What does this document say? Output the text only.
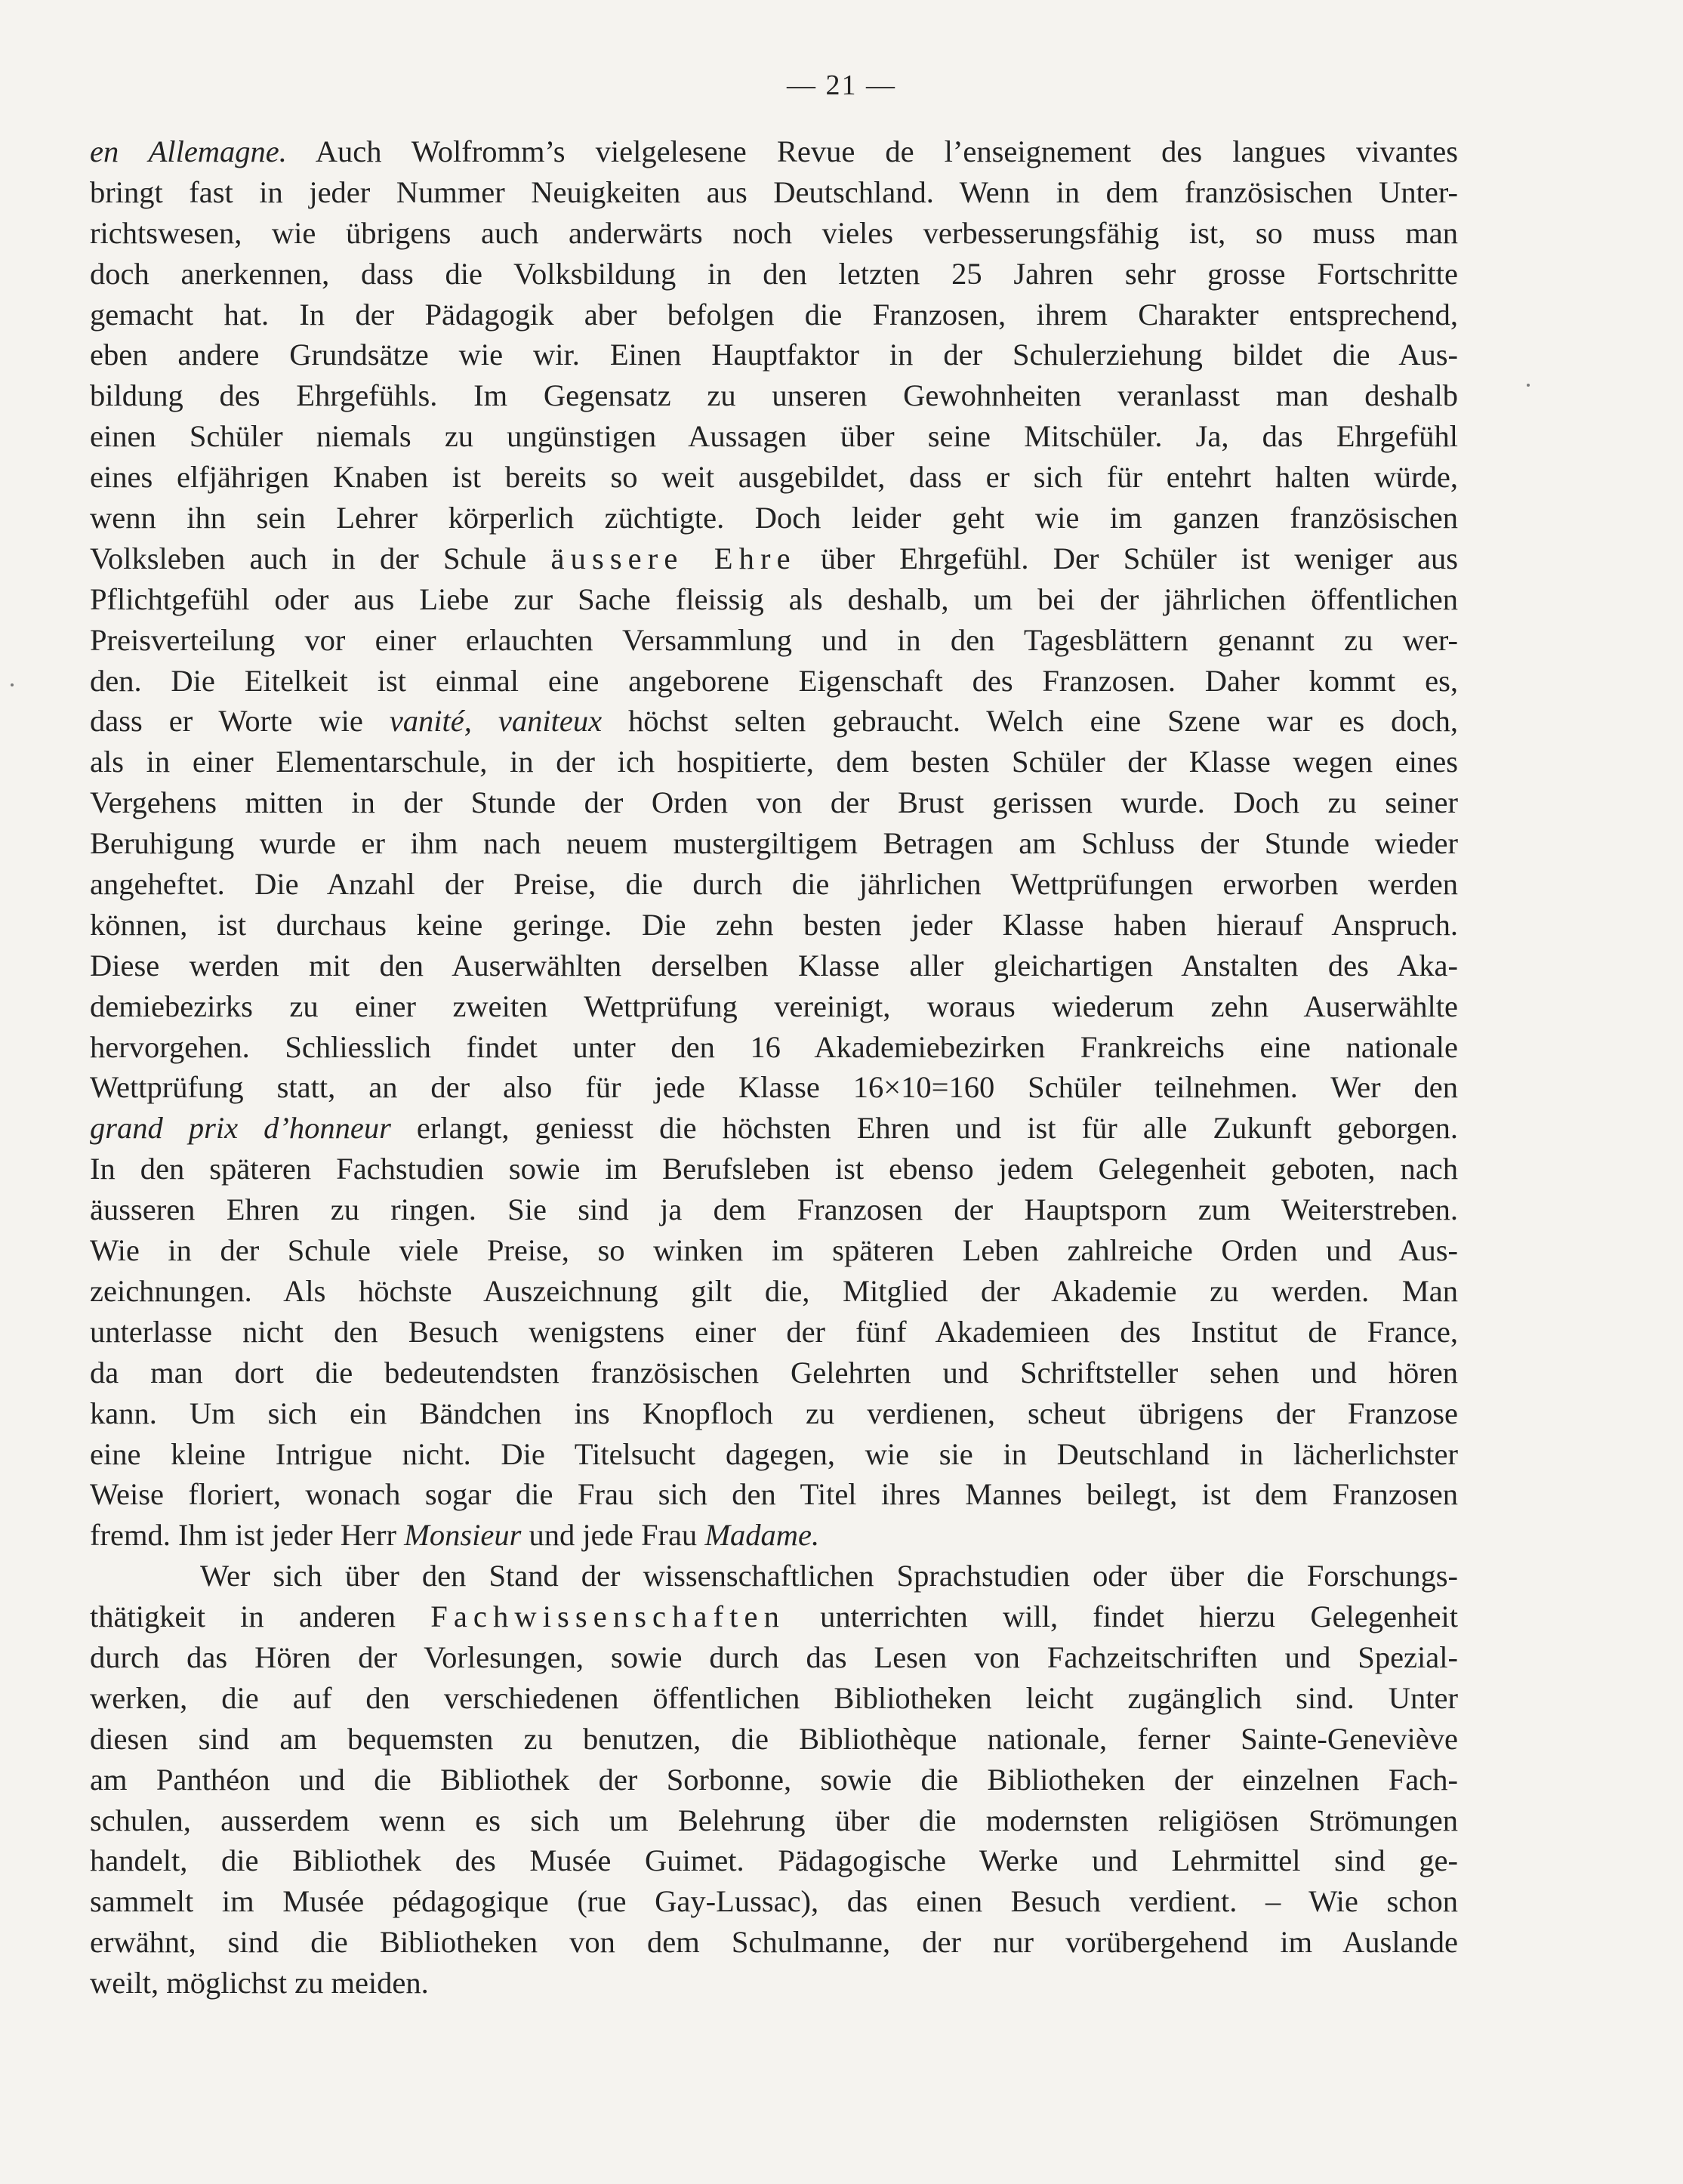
— 21 —
en Allemagne. Auch Wolfromm’s vielgelesene Revue de l’enseignement des langues vivantes
bringt fast in jeder Nummer Neuigkeiten aus Deutschland. Wenn in dem französischen Unter-
richtswesen, wie übrigens auch anderwärts noch vieles verbesserungsfähig ist, so muss man
doch anerkennen, dass die Volksbildung in den letzten 25 Jahren sehr grosse Fortschritte
gemacht hat. In der Pädagogik aber befolgen die Franzosen, ihrem Charakter entsprechend,
eben andere Grundsätze wie wir. Einen Hauptfaktor in der Schulerziehung bildet die Aus-
bildung des Ehrgefühls. Im Gegensatz zu unseren Gewohnheiten veranlasst man deshalb
einen Schüler niemals zu ungünstigen Aussagen über seine Mitschüler. Ja, das Ehrgefühl
eines elfjährigen Knaben ist bereits so weit ausgebildet, dass er sich für entehrt halten würde,
wenn ihn sein Lehrer körperlich züchtigte. Doch leider geht wie im ganzen französischen
Volksleben auch in der Schule äussere Ehre über Ehrgefühl. Der Schüler ist weniger aus
Pflichtgefühl oder aus Liebe zur Sache fleissig als deshalb, um bei der jährlichen öffentlichen
Preisverteilung vor einer erlauchten Versammlung und in den Tagesblättern genannt zu wer-
den. Die Eitelkeit ist einmal eine angeborene Eigenschaft des Franzosen. Daher kommt es,
dass er Worte wie vanité, vaniteux höchst selten gebraucht. Welch eine Szene war es doch,
als in einer Elementarschule, in der ich hospitierte, dem besten Schüler der Klasse wegen eines
Vergehens mitten in der Stunde der Orden von der Brust gerissen wurde. Doch zu seiner
Beruhigung wurde er ihm nach neuem mustergiltigem Betragen am Schluss der Stunde wieder
angeheftet. Die Anzahl der Preise, die durch die jährlichen Wettprüfungen erworben werden
können, ist durchaus keine geringe. Die zehn besten jeder Klasse haben hierauf Anspruch.
Diese werden mit den Auserwählten derselben Klasse aller gleichartigen Anstalten des Aka-
demiebezirks zu einer zweiten Wettprüfung vereinigt, woraus wiederum zehn Auserwählte
hervorgehen. Schliesslich findet unter den 16 Akademiebezirken Frankreichs eine nationale
Wettprüfung statt, an der also für jede Klasse 16×10=160 Schüler teilnehmen. Wer den
grand prix d’honneur erlangt, geniesst die höchsten Ehren und ist für alle Zukunft geborgen.
In den späteren Fachstudien sowie im Berufsleben ist ebenso jedem Gelegenheit geboten, nach
äusseren Ehren zu ringen. Sie sind ja dem Franzosen der Hauptsporn zum Weiterstreben.
Wie in der Schule viele Preise, so winken im späteren Leben zahlreiche Orden und Aus-
zeichnungen. Als höchste Auszeichnung gilt die, Mitglied der Akademie zu werden. Man
unterlasse nicht den Besuch wenigstens einer der fünf Akademieen des Institut de France,
da man dort die bedeutendsten französischen Gelehrten und Schriftsteller sehen und hören
kann. Um sich ein Bändchen ins Knopfloch zu verdienen, scheut übrigens der Franzose
eine kleine Intrigue nicht. Die Titelsucht dagegen, wie sie in Deutschland in lächerlichster
Weise floriert, wonach sogar die Frau sich den Titel ihres Mannes beilegt, ist dem Franzosen
fremd. Ihm ist jeder Herr Monsieur und jede Frau Madame.
Wer sich über den Stand der wissenschaftlichen Sprachstudien oder über die Forschungs-
thätigkeit in anderen Fachwissenschaften unterrichten will, findet hierzu Gelegenheit
durch das Hören der Vorlesungen, sowie durch das Lesen von Fachzeitschriften und Spezial-
werken, die auf den verschiedenen öffentlichen Bibliotheken leicht zugänglich sind. Unter
diesen sind am bequemsten zu benutzen, die Bibliothèque nationale, ferner Sainte-Geneviève
am Panthéon und die Bibliothek der Sorbonne, sowie die Bibliotheken der einzelnen Fach-
schulen, ausserdem wenn es sich um Belehrung über die modernsten religiösen Strömungen
handelt, die Bibliothek des Musée Guimet. Pädagogische Werke und Lehrmittel sind ge-
sammelt im Musée pédagogique (rue Gay-Lussac), das einen Besuch verdient. – Wie schon
erwähnt, sind die Bibliotheken von dem Schulmanne, der nur vorübergehend im Auslande
weilt, möglichst zu meiden.
